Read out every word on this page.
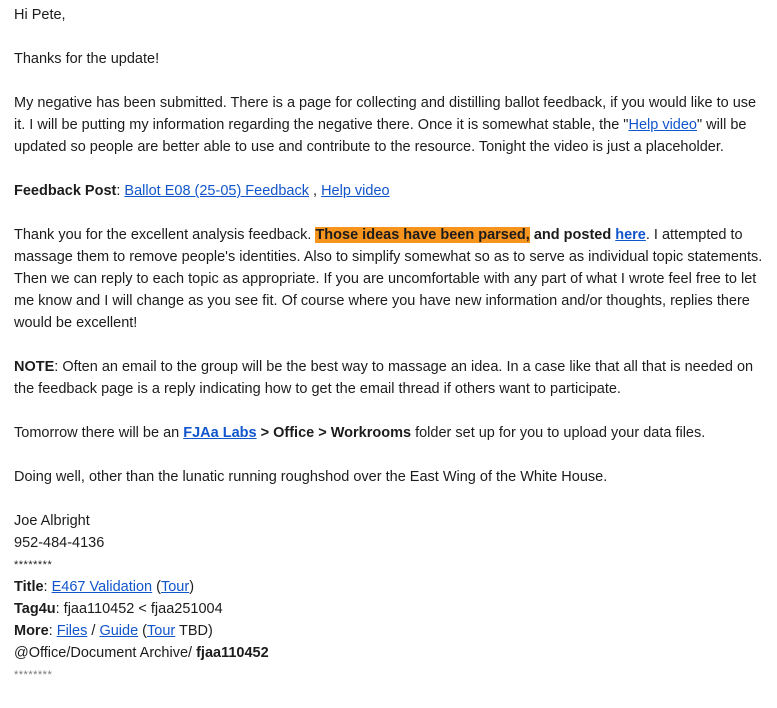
Hi Pete,

Thanks for the update!

My negative has been submitted. There is a page for collecting and distilling ballot feedback, if you would like to use it. I will be putting my information regarding the negative there. Once it is somewhat stable, the "Help video" will be updated so people are better able to use and contribute to the resource. Tonight the video is just a placeholder.

Feedback Post: Ballot E08 (25-05) Feedback , Help video

Thank you for the excellent analysis feedback. Those ideas have been parsed, and posted here. I attempted to massage them to remove people's identities. Also to simplify somewhat so as to serve as individual topic statements. Then we can reply to each topic as appropriate. If you are uncomfortable with any part of what I wrote feel free to let me know and I will change as you see fit. Of course where you have new information and/or thoughts, replies there would be excellent!

NOTE: Often an email to the group will be the best way to massage an idea. In a case like that all that is needed on the feedback page is a reply indicating how to get the email thread if others want to participate.

Tomorrow there will be an FJAa Labs > Office > Workrooms folder set up for you to upload your data files.

Doing well, other than the lunatic running roughshod over the East Wing of the White House.

Joe Albright
952-484-4136
********
Title: E467 Validation (Tour)
Tag4u: fjaa110452 < fjaa251004
More: Files / Guide (Tour TBD)
@Office/Document Archive/ fjaa110452
********
